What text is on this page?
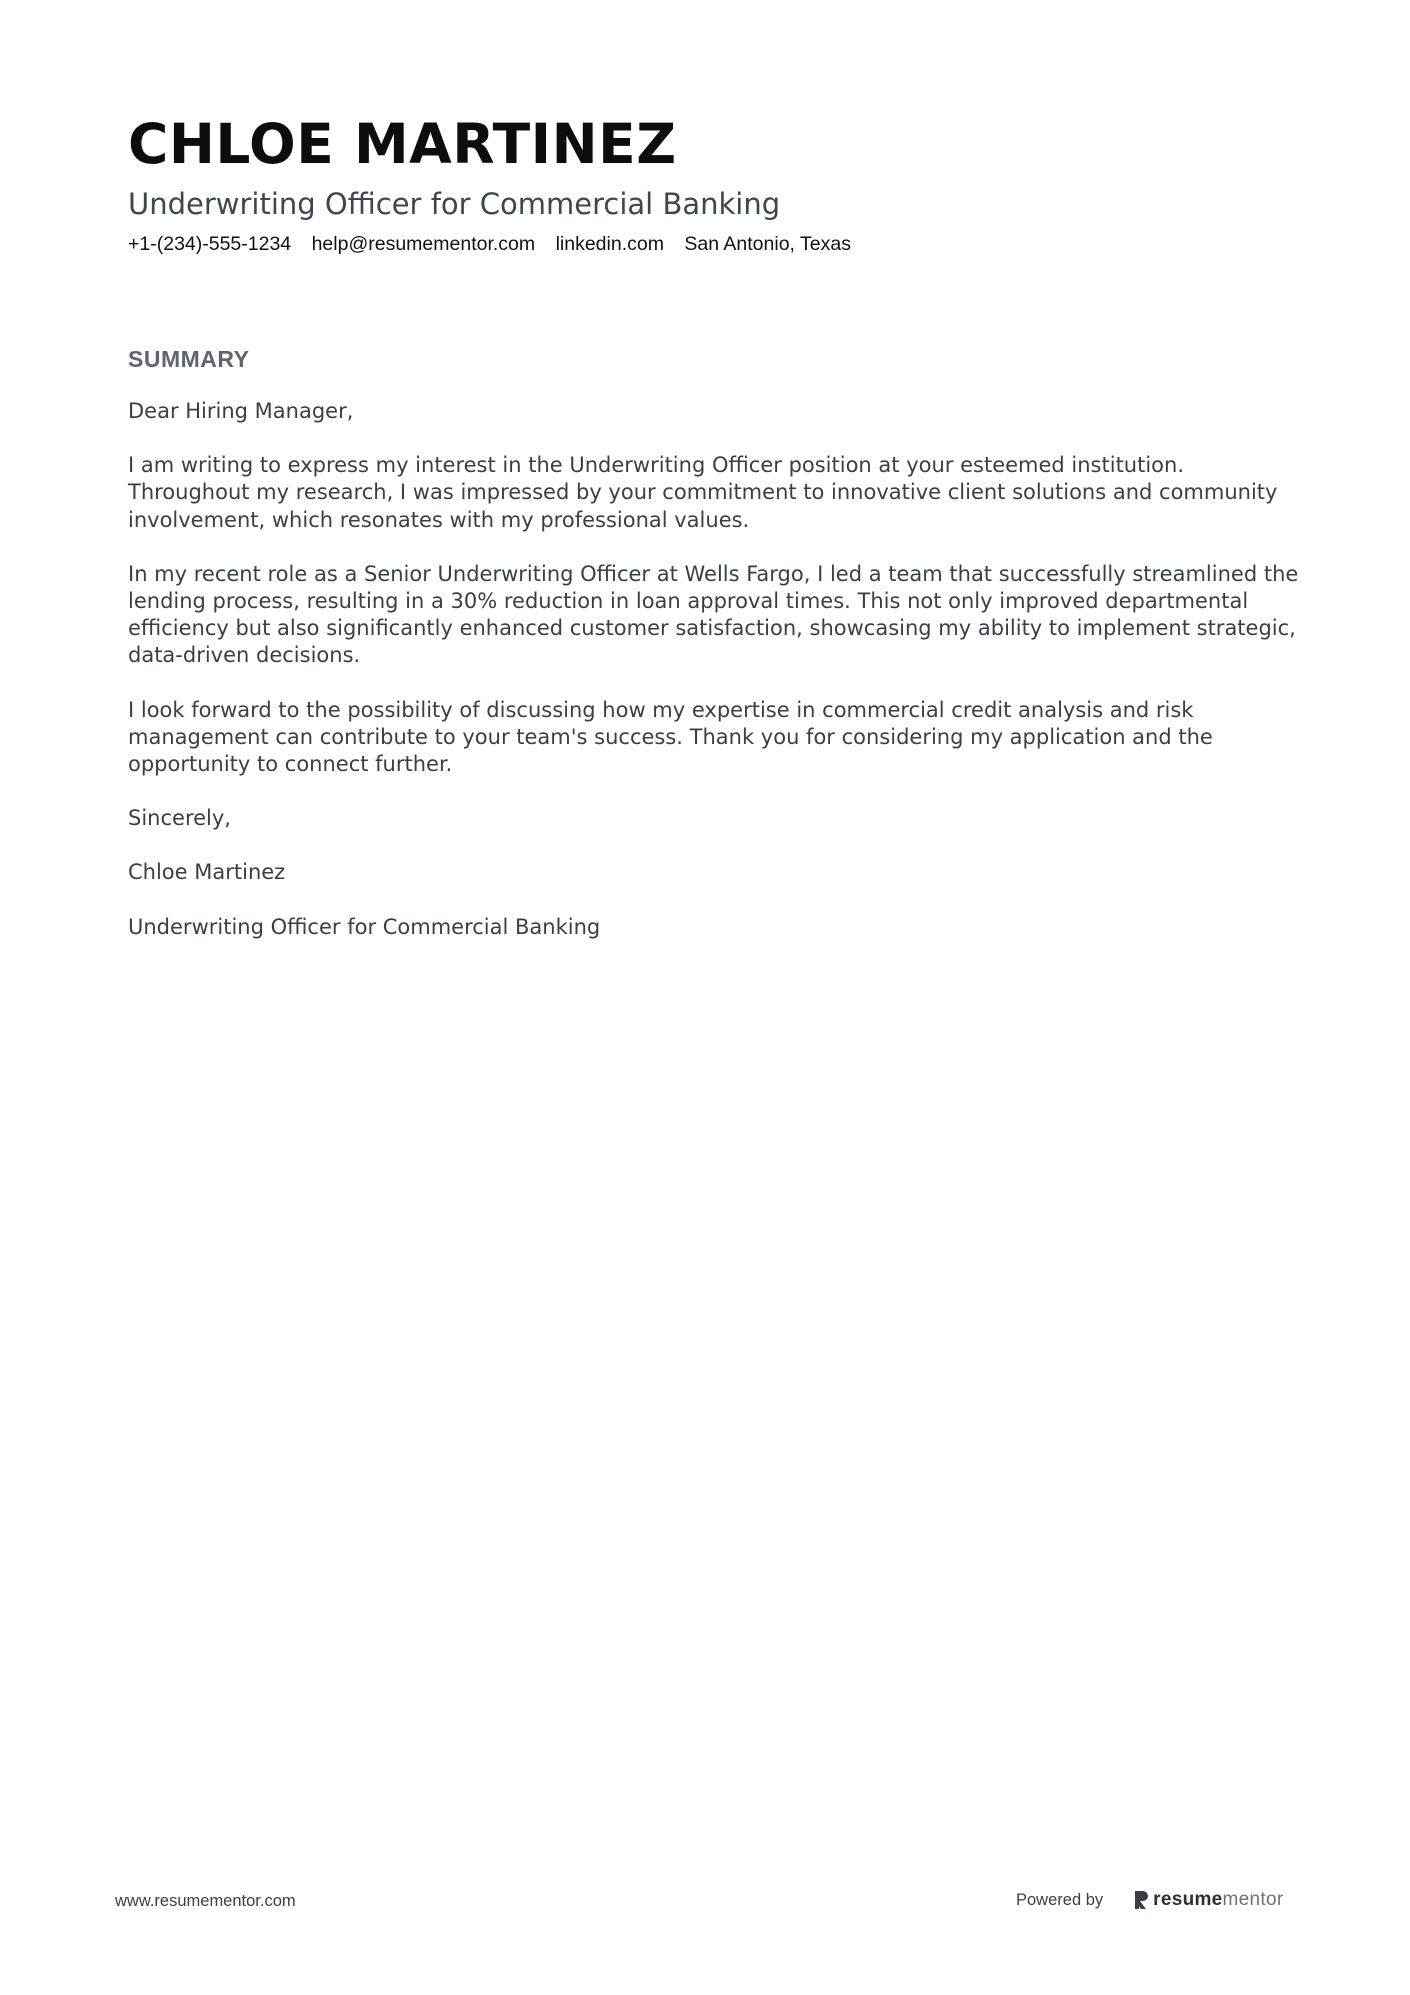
CHLOE MARTINEZ
Underwriting Officer for Commercial Banking
+1-(234)-555-1234 help@resumementor.com linkedin.com San Antonio, Texas
SUMMARY

Dear Hiring Manager,

I am writing to express my interest in the Underwriting Officer position at your esteemed institution. Throughout my research, I was impressed by your commitment to innovative client solutions and community involvement, which resonates with my professional values.

In my recent role as a Senior Underwriting Officer at Wells Fargo, I led a team that successfully streamlined the lending process, resulting in a 30% reduction in loan approval times. This not only improved departmental efficiency but also significantly enhanced customer satisfaction, showcasing my ability to implement strategic, data-driven decisions.

I look forward to the possibility of discussing how my expertise in commercial credit analysis and risk management can contribute to your team's success. Thank you for considering my application and the opportunity to connect further.

Sincerely,

Chloe Martinez

Underwriting Officer for Commercial Banking

www.resumementor.com	Powered by	resume mentor
